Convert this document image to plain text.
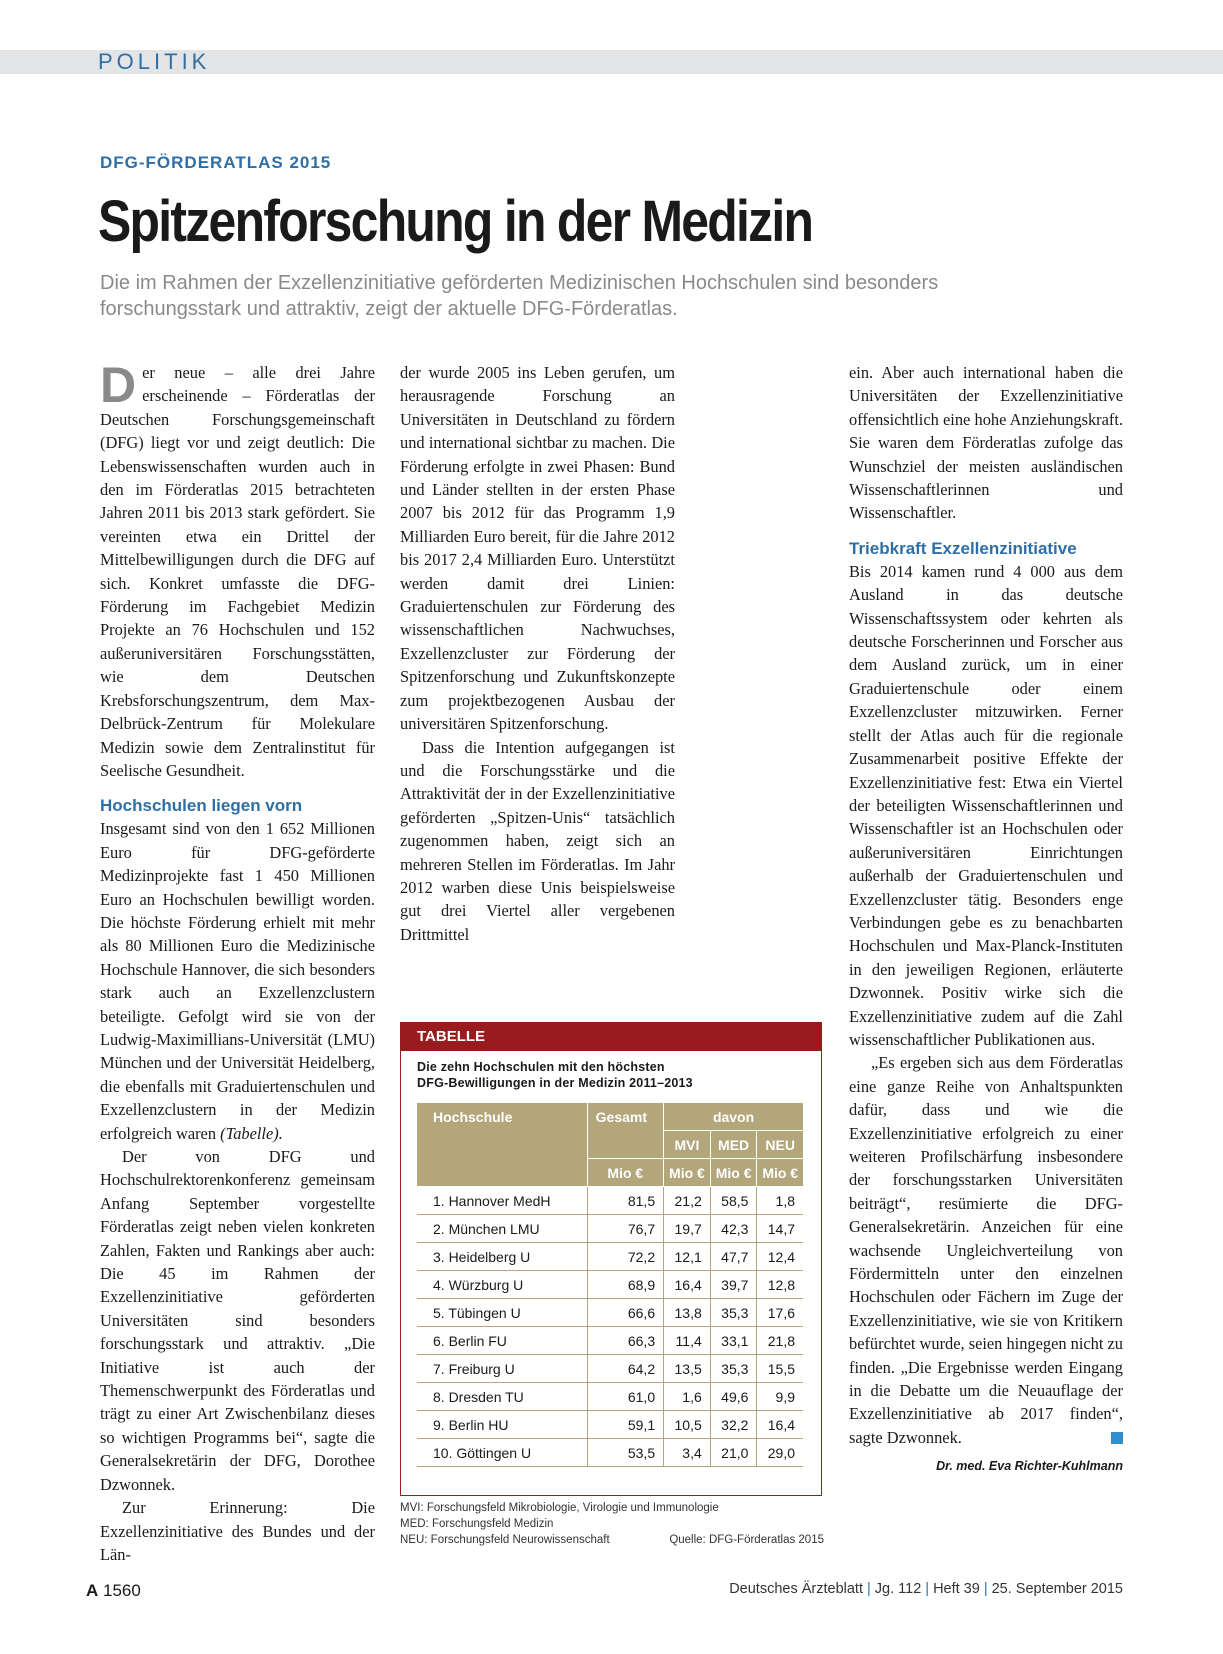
POLITIK
DFG-FÖRDERATLAS 2015
Spitzenforschung in der Medizin
Die im Rahmen der Exzellenzinitiative geförderten Medizinischen Hochschulen sind besonders forschungsstark und attraktiv, zeigt der aktuelle DFG-Förderatlas.

Der neue – alle drei Jahre erscheinende – Förderatlas der Deutschen Forschungsgemeinschaft (DFG) liegt vor und zeigt deutlich: Die Lebenswissenschaften wurden auch in den im Förderatlas 2015 betrachteten Jahren 2011 bis 2013 stark gefördert. Sie vereinten etwa ein Drittel der Mittelbewilligungen durch die DFG auf sich. Konkret umfasste die DFG-Förderung im Fachgebiet Medizin Projekte an 76 Hochschulen und 152 außeruniversitären Forschungsstätten, wie dem Deutschen Krebsforschungszentrum, dem Max-Delbrück-Zentrum für Molekulare Medizin sowie dem Zentralinstitut für Seelische Gesundheit.

Hochschulen liegen vorn

Insgesamt sind von den 1 652 Millionen Euro für DFG-geförderte Medizinprojekte fast 1 450 Millionen Euro an Hochschulen bewilligt worden. Die höchste Förderung erhielt mit mehr als 80 Millionen Euro die Medizinische Hochschule Hannover, die sich besonders stark auch an Exzellenzclustern beteiligte. Gefolgt wird sie von der Ludwig-Maximillians-Universität (LMU) München und der Universität Heidelberg, die ebenfalls mit Graduiertenschulen und Exzellenzclustern in der Medizin erfolgreich waren (Tabelle).

Der von DFG und Hochschulrektorenkonferenz gemeinsam Anfang September vorgestellte Förderatlas zeigt neben vielen konkreten Zahlen, Fakten und Rankings aber auch: Die 45 im Rahmen der Exzellenzinitiative geförderten Universitäten sind besonders forschungsstark und attraktiv. „Die Initiative ist auch der Themenschwerpunkt des Förderatlas und trägt zu einer Art Zwischenbilanz dieses so wichtigen Programms bei“, sagte die Generalsekretärin der DFG, Dorothee Dzwonnek.

Zur Erinnerung: Die Exzellenzinitiative des Bundes und der Län-

der wurde 2005 ins Leben gerufen, um herausragende Forschung an Universitäten in Deutschland zu fördern und international sichtbar zu machen. Die Förderung erfolgte in zwei Phasen: Bund und Länder stellten in der ersten Phase 2007 bis 2012 für das Programm 1,9 Milliarden Euro bereit, für die Jahre 2012 bis 2017 2,4 Milliarden Euro. Unterstützt werden damit drei Linien: Graduiertenschulen zur Förderung des wissenschaftlichen Nachwuchses, Exzellenzcluster zur Förderung der Spitzenforschung und Zukunftskonzepte zum projektbezogenen Ausbau der universitären Spitzenforschung.

Dass die Intention aufgegangen ist und die Forschungsstärke und die Attraktivität der in der Exzellenzinitiative geförderten „Spitzen-Unis“ tatsächlich zugenommen haben, zeigt sich an mehreren Stellen im Förderatlas. Im Jahr 2012 warben diese Unis beispielsweise gut drei Viertel aller vergebenen Drittmittel

ein. Aber auch international haben die Universitäten der Exzellenzinitiative offensichtlich eine hohe Anziehungskraft. Sie waren dem Förderatlas zufolge das Wunschziel der meisten ausländischen Wissenschaftlerinnen und Wissenschaftler.

Triebkraft Exzellenzinitiative

Bis 2014 kamen rund 4 000 aus dem Ausland in das deutsche Wissenschaftssystem oder kehrten als deutsche Forscherinnen und Forscher aus dem Ausland zurück, um in einer Graduiertenschule oder einem Exzellenzcluster mitzuwirken. Ferner stellt der Atlas auch für die regionale Zusammenarbeit positive Effekte der Exzellenzinitiative fest: Etwa ein Viertel der beteiligten Wissenschaftlerinnen und Wissenschaftler ist an Hochschulen oder außeruniversitären Einrichtungen außerhalb der Graduiertenschulen und Exzellenzcluster tätig. Besonders enge Verbindungen gebe es zu benachbarten Hochschulen und Max-Planck-Instituten in den jeweiligen Regionen, erläuterte Dzwonnek. Positiv wirke sich die Exzellenzinitiative zudem auf die Zahl wissenschaftlicher Publikationen aus.

„Es ergeben sich aus dem Förderatlas eine ganze Reihe von Anhaltspunkten dafür, dass und wie die Exzellenzinitiative erfolgreich zu einer weiteren Profilschärfung insbesondere der forschungsstarken Universitäten beiträgt“, resümierte die DFG-Generalsekretärin. Anzeichen für eine wachsende Ungleichverteilung von Fördermitteln unter den einzelnen Hochschulen oder Fächern im Zuge der Exzellenzinitiative, wie sie von Kritikern befürchtet wurde, seien hingegen nicht zu finden. „Die Ergebnisse werden Eingang in die Debatte um die Neuauflage der Exzellenzinitiative ab 2017 finden“, sagte Dzwonnek.

Dr. med. Eva Richter-Kuhlmann
TABELLE
Die zehn Hochschulen mit den höchsten
DFG-Bewilligungen in der Medizin 2011–2013
Hochschule	Gesamt	davon		
		MVI	MED	NEU
	Mio €	Mio €	Mio €	Mio €
1. Hannover MedH	81,5	21,2	58,5	1,8
2. München LMU	76,7	19,7	42,3	14,7
3. Heidelberg U	72,2	12,1	47,7	12,4
4. Würzburg U	68,9	16,4	39,7	12,8
5. Tübingen U	66,6	13,8	35,3	17,6
6. Berlin FU	66,3	11,4	33,1	21,8
7. Freiburg U	64,2	13,5	35,3	15,5
8. Dresden TU	61,0	1,6	49,6	9,9
9. Berlin HU	59,1	10,5	32,2	16,4
10. Göttingen U	53,5	3,4	21,0	29,0
MVI: Forschungsfeld Mikrobiologie, Virologie und Immunologie
MED: Forschungsfeld Medizin
NEU: Forschungsfeld Neurowissenschaft	Quelle: DFG-Förderatlas 2015
A 1560	Deutsches Ärzteblatt | Jg. 112 | Heft 39 | 25. September 2015
